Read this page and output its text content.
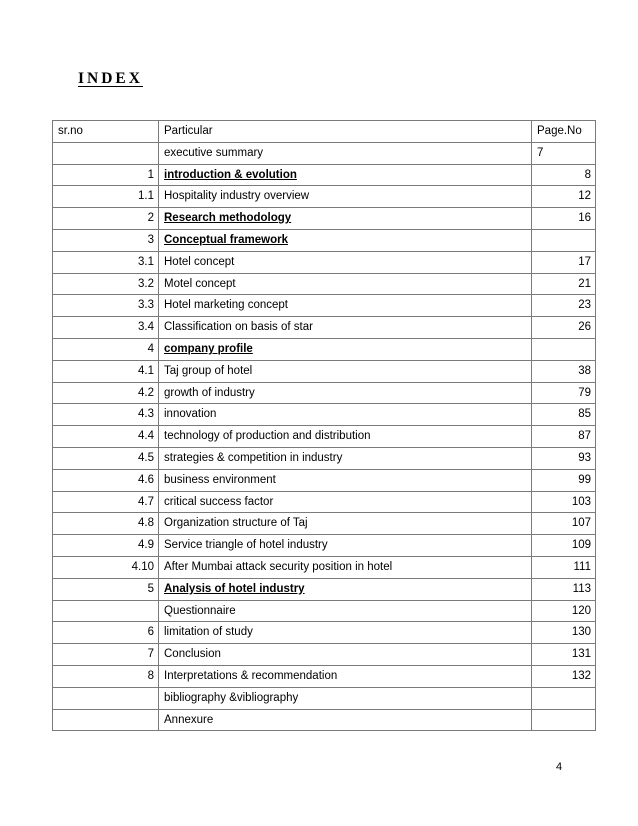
INDEX
sr.no	Particular	Page.No
	executive summary	7
1	introduction & evolution	8
1.1	Hospitality industry overview	12
2	Research methodology	16
3	Conceptual framework	
3.1	Hotel concept	17
3.2	Motel concept	21
3.3	Hotel marketing concept	23
3.4	Classification on basis of star	26
4	company profile	
4.1	Taj group of hotel	38
4.2	growth of industry	79
4.3	innovation	85
4.4	technology of production and distribution	87
4.5	strategies & competition in industry	93
4.6	business environment	99
4.7	critical success factor	103
4.8	Organization structure of Taj	107
4.9	Service triangle of hotel industry	109
4.10	After Mumbai attack security position in hotel	111
5	Analysis of hotel industry	113
	Questionnaire	120
6	limitation of study	130
7	Conclusion	131
8	Interpretations & recommendation	132
	bibliography &vibliography	
	Annexure	
4
